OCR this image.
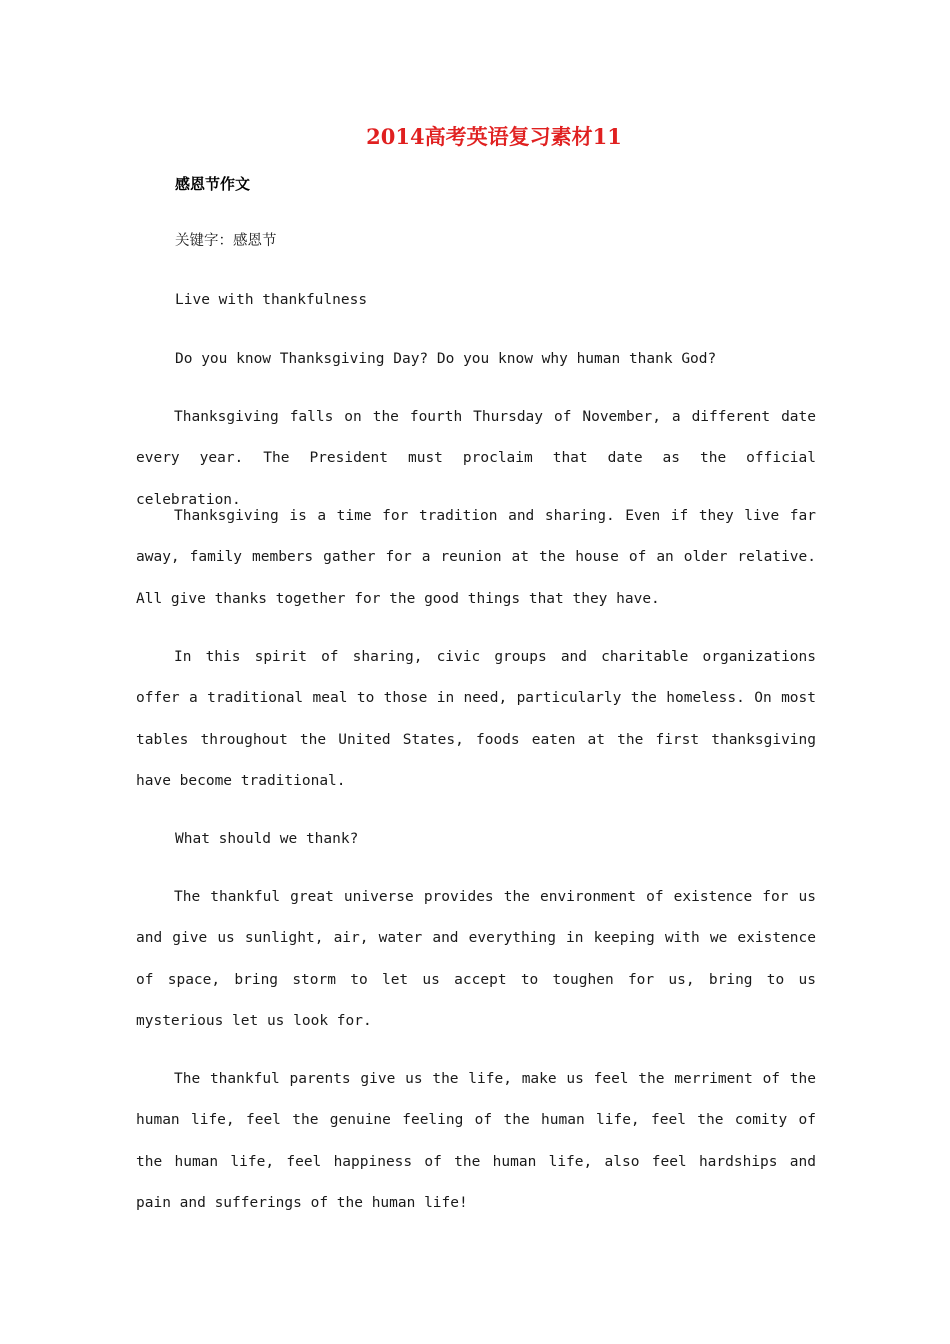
2014高考英语复习素材11

感恩节作文

关键字：感恩节

Live with thankfulness

Do you know Thanksgiving Day? Do you know why human thank God?

Thanksgiving falls on the fourth Thursday of November, a different date every year. The President must proclaim that date as the official celebration.

Thanksgiving is a time for tradition and sharing. Even if they live far away, family members gather for a reunion at the house of an older relative. All give thanks together for the good things that they have.

In this spirit of sharing, civic groups and charitable organizations offer a traditional meal to those in need, particularly the homeless. On most tables throughout the United States, foods eaten at the first thanksgiving have become traditional.

What should we thank?

The thankful great universe provides the environment of existence for us and give us sunlight, air, water and everything in keeping with we existence of space, bring storm to let us accept to toughen for us, bring to us mysterious let us look for.

The thankful parents give us the life, make us feel the merriment of the human life, feel the genuine feeling of the human life, feel the comity of the human life, feel happiness of the human life, also feel hardships and pain and sufferings of the human life!
